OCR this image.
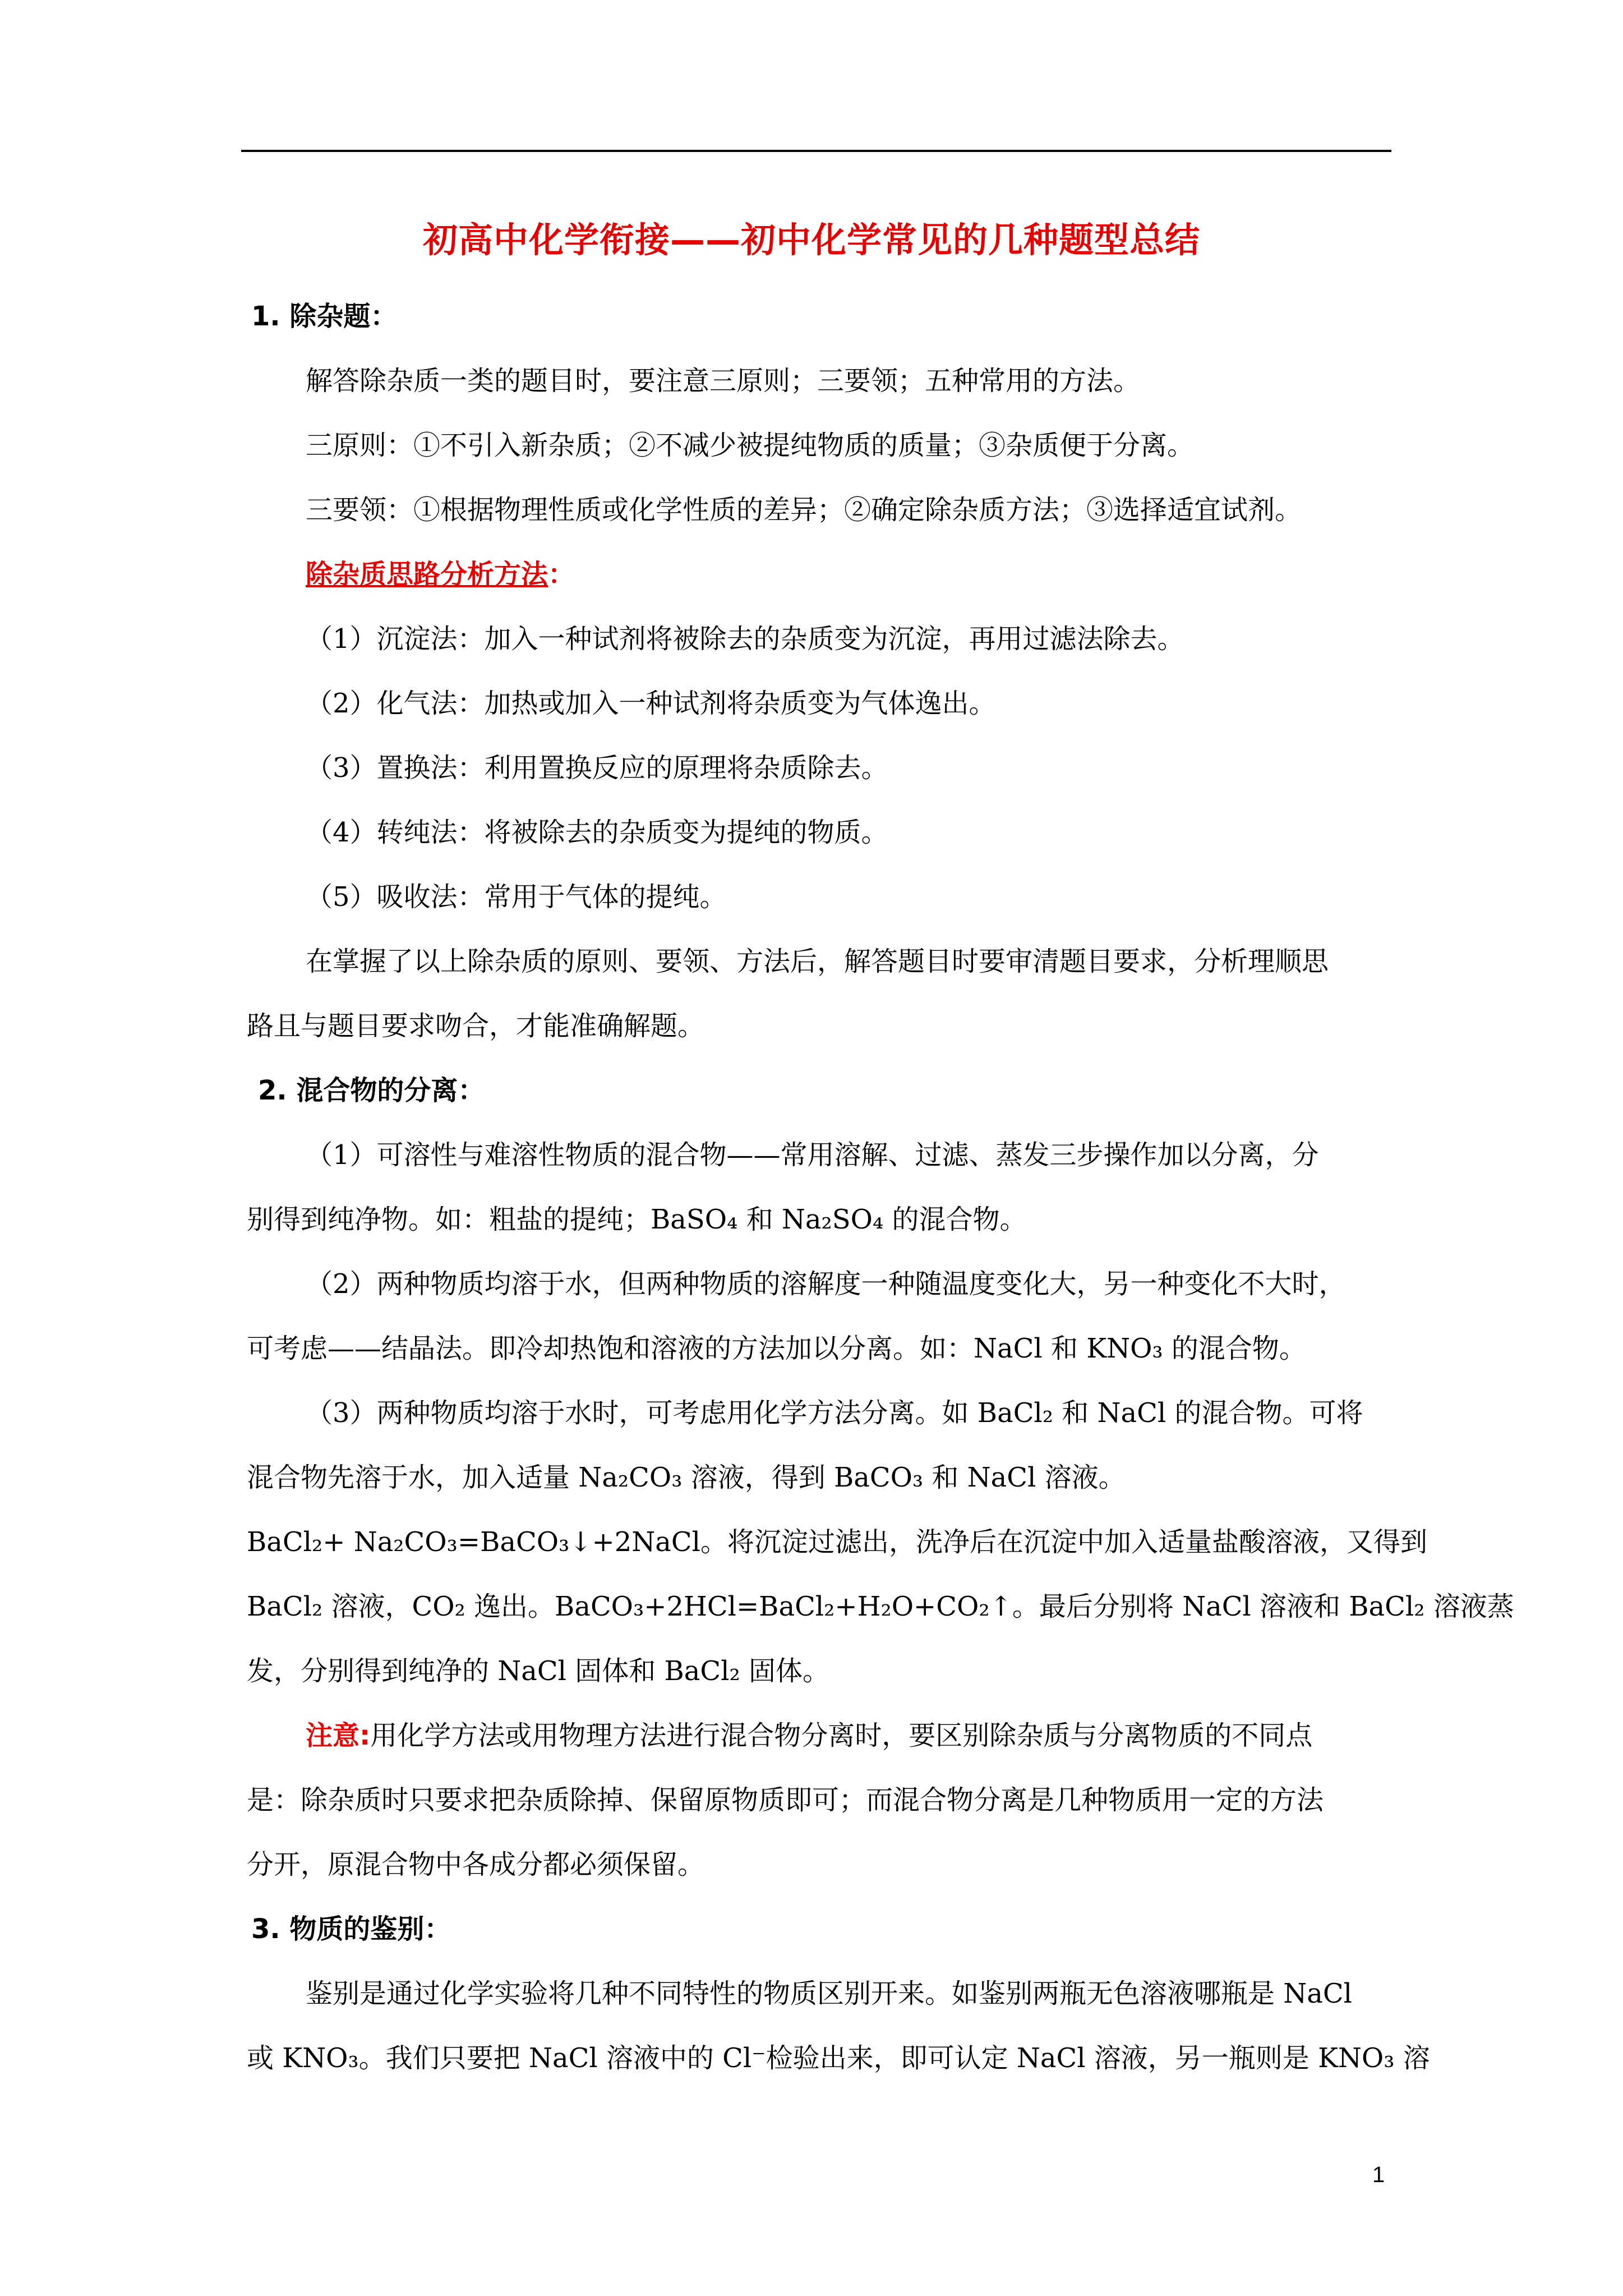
初高中化学衔接——初中化学常见的几种题型总结
1. 除杂题：
解答除杂质一类的题目时，要注意三原则；三要领；五种常用的方法。
三原则：①不引入新杂质；②不减少被提纯物质的质量；③杂质便于分离。
三要领：①根据物理性质或化学性质的差异；②确定除杂质方法；③选择适宜试剂。
除杂质思路分析方法：
（1）沉淀法：加入一种试剂将被除去的杂质变为沉淀，再用过滤法除去。
（2）化气法：加热或加入一种试剂将杂质变为气体逸出。
（3）置换法：利用置换反应的原理将杂质除去。
（4）转纯法：将被除去的杂质变为提纯的物质。
（5）吸收法：常用于气体的提纯。
在掌握了以上除杂质的原则、要领、方法后，解答题目时要审清题目要求，分析理顺思
路且与题目要求吻合，才能准确解题。
2. 混合物的分离：
（1）可溶性与难溶性物质的混合物——常用溶解、过滤、蒸发三步操作加以分离，分
别得到纯净物。如：粗盐的提纯；BaSO₄ 和 Na₂SO₄ 的混合物。
（2）两种物质均溶于水，但两种物质的溶解度一种随温度变化大，另一种变化不大时，
可考虑——结晶法。即冷却热饱和溶液的方法加以分离。如：NaCl 和 KNO₃ 的混合物。
（3）两种物质均溶于水时，可考虑用化学方法分离。如 BaCl₂ 和 NaCl 的混合物。可将
混合物先溶于水，加入适量 Na₂CO₃ 溶液，得到 BaCO₃ 和 NaCl 溶液。
BaCl₂+ Na₂CO₃=BaCO₃↓+2NaCl。将沉淀过滤出，洗净后在沉淀中加入适量盐酸溶液，又得到
BaCl₂ 溶液，CO₂ 逸出。BaCO₃+2HCl=BaCl₂+H₂O+CO₂↑。最后分别将 NaCl 溶液和 BaCl₂ 溶液蒸
发，分别得到纯净的 NaCl 固体和 BaCl₂ 固体。
注意:用化学方法或用物理方法进行混合物分离时，要区别除杂质与分离物质的不同点
是：除杂质时只要求把杂质除掉、保留原物质即可；而混合物分离是几种物质用一定的方法
分开，原混合物中各成分都必须保留。
3. 物质的鉴别：
鉴别是通过化学实验将几种不同特性的物质区别开来。如鉴别两瓶无色溶液哪瓶是 NaCl
或 KNO₃。我们只要把 NaCl 溶液中的 Cl⁻检验出来，即可认定 NaCl 溶液，另一瓶则是 KNO₃ 溶
1
